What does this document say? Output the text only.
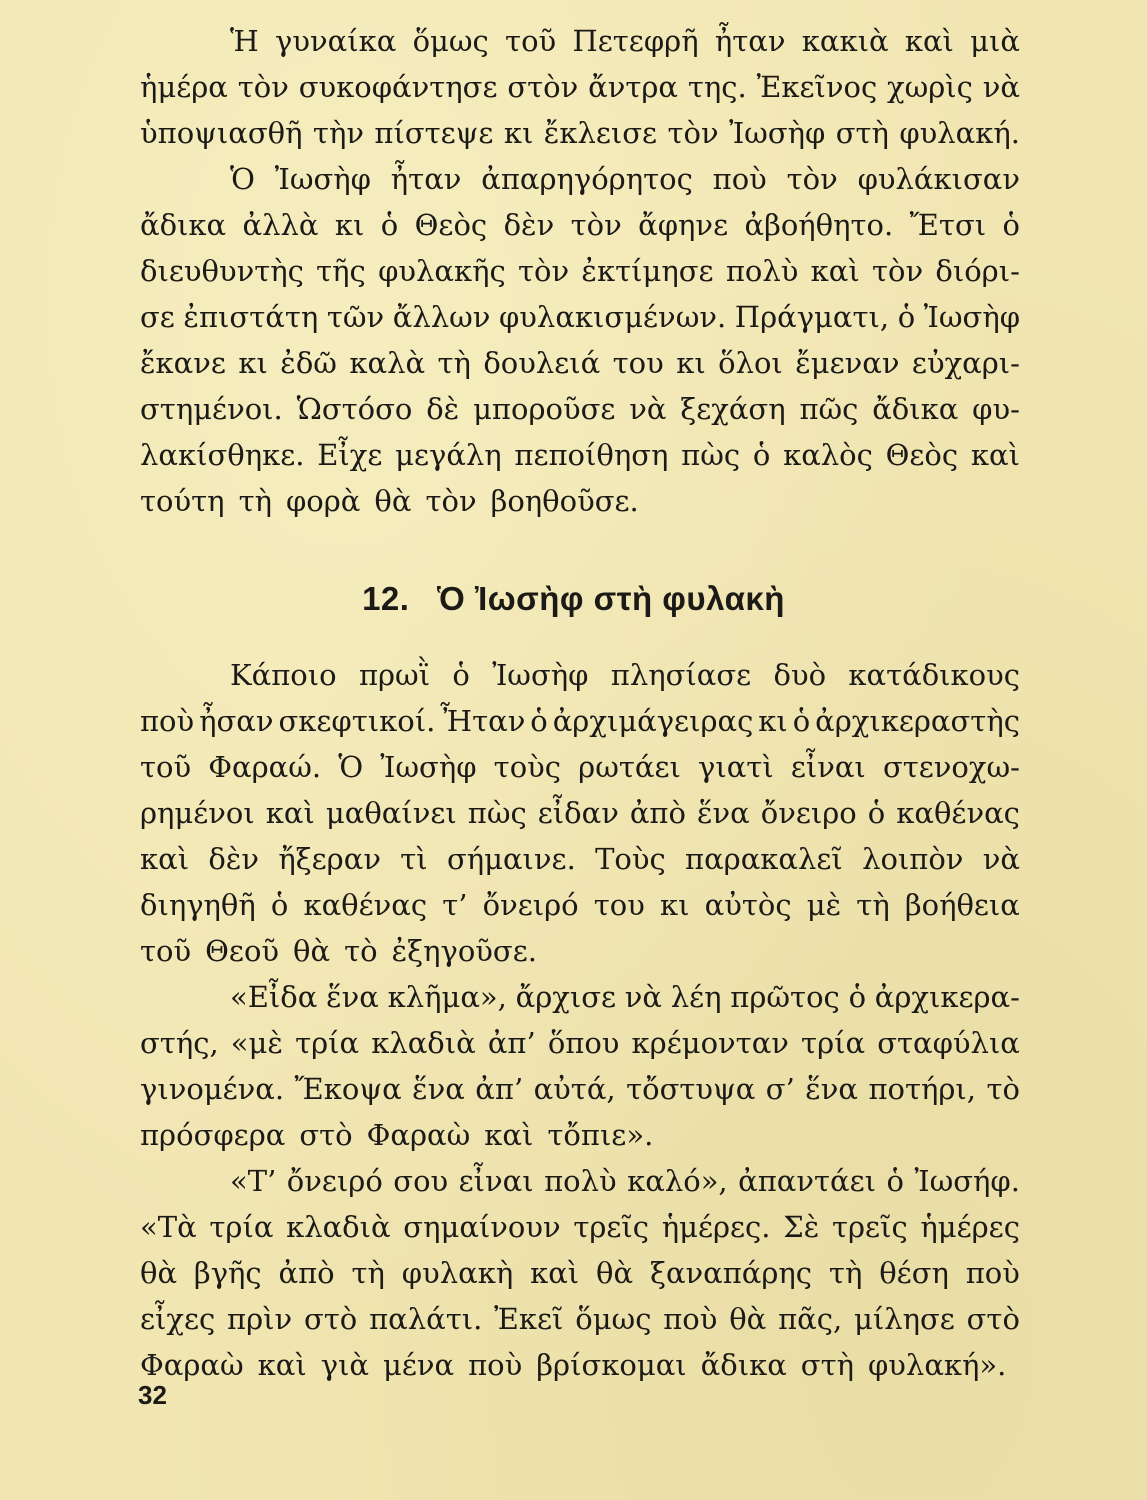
Ἡ γυναίκα ὅμως τοῦ Πετεφρῆ ἦταν κακιὰ καὶ μιὰ
ἡμέρα τὸν συκοφάντησε στὸν ἄντρα της. Ἐκεῖνος χωρὶς νὰ
ὑποψιασθῆ τὴν πίστεψε κι ἔκλεισε τὸν Ἰωσὴφ στὴ φυλακή.
Ὁ Ἰωσὴφ ἦταν ἀπαρηγόρητος ποὺ τὸν φυλάκισαν
ἄδικα ἀλλὰ κι ὁ Θεὸς δὲν τὸν ἄφηνε ἀβοήθητο. Ἔτσι ὁ
διευθυντὴς τῆς φυλακῆς τὸν ἐκτίμησε πολὺ καὶ τὸν διόρι-
σε ἐπιστάτη τῶν ἄλλων φυλακισμένων. Πράγματι, ὁ Ἰωσὴφ
ἔκανε κι ἐδῶ καλὰ τὴ δουλειά του κι ὅλοι ἔμεναν εὐχαρι-
στημένοι. Ὡστόσο δὲ μποροῦσε νὰ ξεχάση πῶς ἄδικα φυ-
λακίσθηκε. Εἶχε μεγάλη πεποίθηση πὼς ὁ καλὸς Θεὸς καὶ
τούτη τὴ φορὰ θὰ τὸν βοηθοῦσε.
12. Ὁ Ἰωσὴφ στὴ φυλακὴ
Κάποιο πρωῒ ὁ Ἰωσὴφ πλησίασε δυὸ κατάδικους
ποὺ ἦσαν σκεφτικοί. Ἦταν ὁ ἀρχιμάγειρας κι ὁ ἀρχικεραστὴς
τοῦ Φαραώ. Ὁ Ἰωσὴφ τοὺς ρωτάει γιατὶ εἶναι στενοχω-
ρημένοι καὶ μαθαίνει πὼς εἶδαν ἀπὸ ἕνα ὄνειρο ὁ καθένας
καὶ δὲν ἤξεραν τὶ σήμαινε. Τοὺς παρακαλεῖ λοιπὸν νὰ
διηγηθῆ ὁ καθένας τ’ ὄνειρό του κι αὐτὸς μὲ τὴ βοήθεια
τοῦ Θεοῦ θὰ τὸ ἐξηγοῦσε.
«Εἶδα ἕνα κλῆμα», ἄρχισε νὰ λέη πρῶτος ὁ ἀρχικερα-
στής, «μὲ τρία κλαδιὰ ἀπ’ ὅπου κρέμονταν τρία σταφύλια
γινομένα. Ἔκοψα ἕνα ἀπ’ αὐτά, τὄστυψα σ’ ἕνα ποτήρι, τὸ
πρόσφερα στὸ Φαραὼ καὶ τὄπιε».
«Τ’ ὄνειρό σου εἶναι πολὺ καλό», ἀπαντάει ὁ Ἰωσήφ.
«Τὰ τρία κλαδιὰ σημαίνουν τρεῖς ἡμέρες. Σὲ τρεῖς ἡμέρες
θὰ βγῆς ἀπὸ τὴ φυλακὴ καὶ θὰ ξαναπάρης τὴ θέση ποὺ
εἶχες πρὶν στὸ παλάτι. Ἐκεῖ ὅμως ποὺ θὰ πᾶς, μίλησε στὸ
Φαραὼ καὶ γιὰ μένα ποὺ βρίσκομαι ἄδικα στὴ φυλακή».
32
